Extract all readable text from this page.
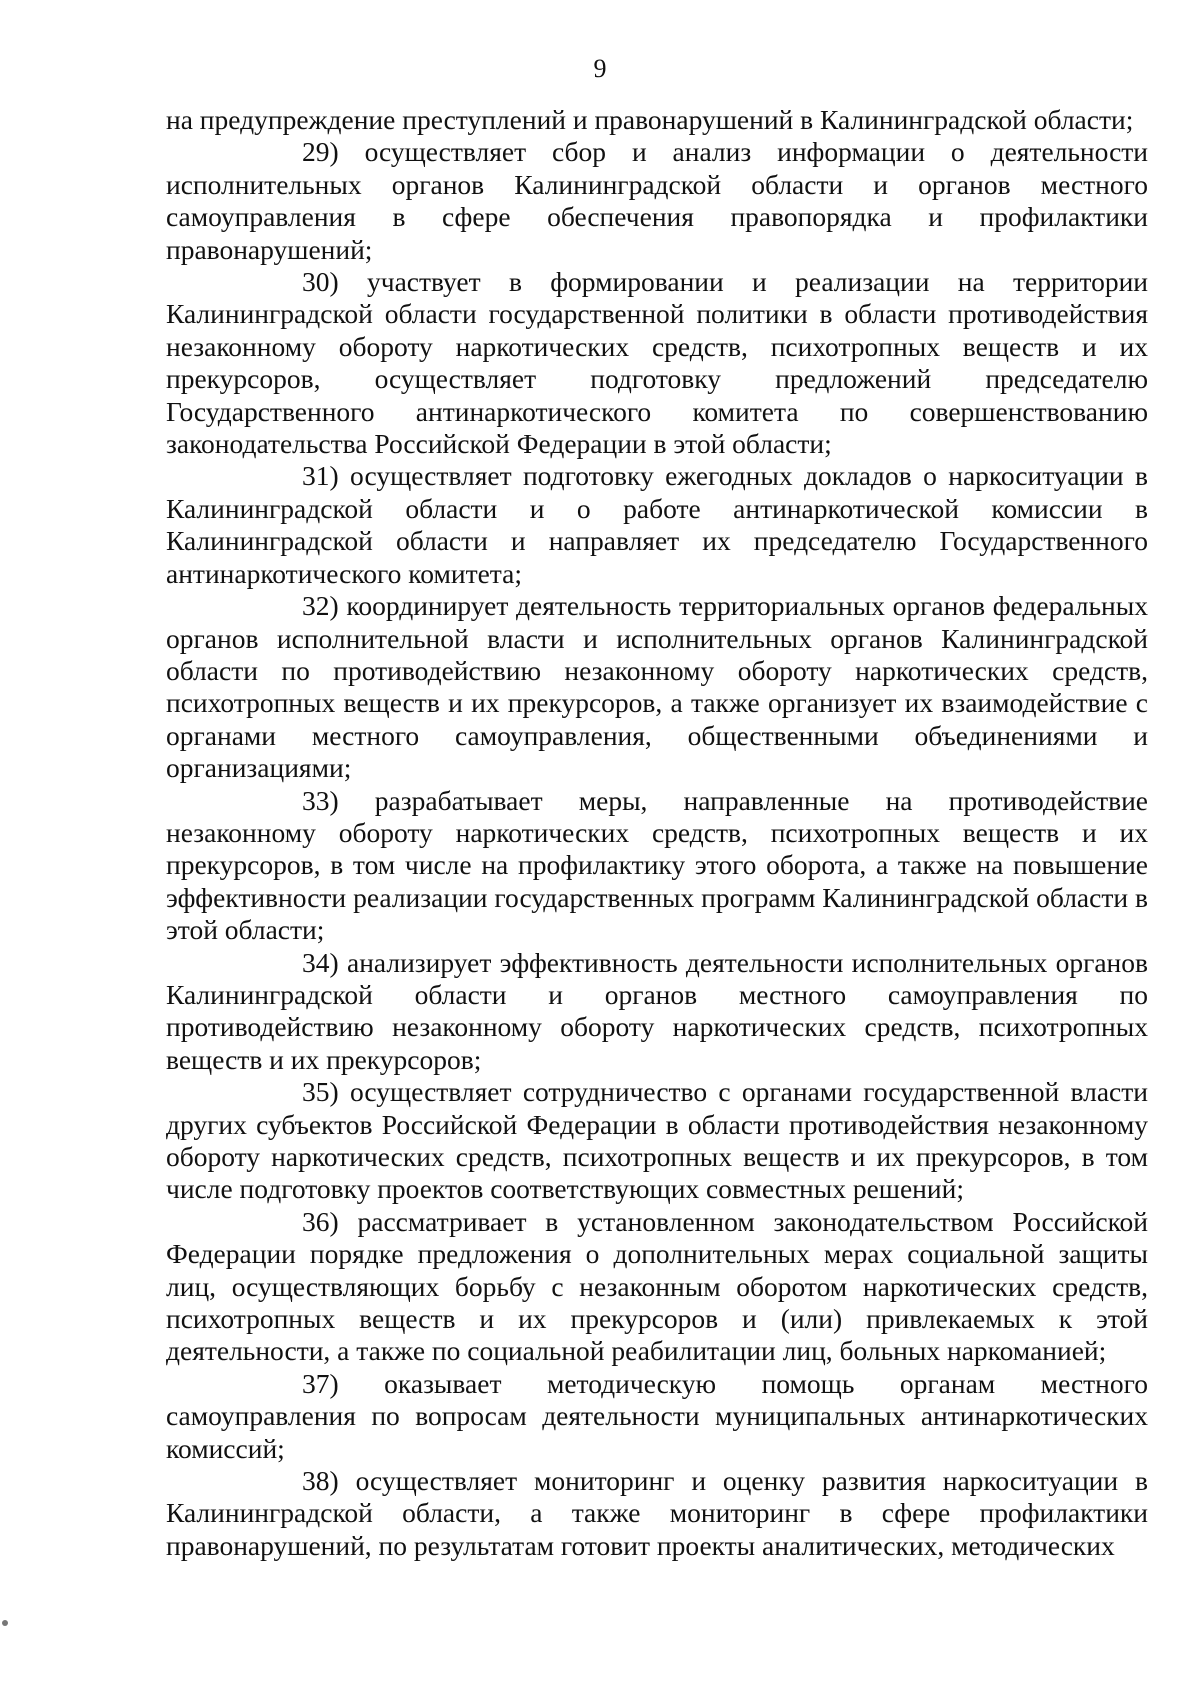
9

на предупреждение преступлений и правонарушений в Калининградской области;

29) осуществляет сбор и анализ информации о деятельности исполнительных органов Калининградской области и органов местного самоуправления в сфере обеспечения правопорядка и профилактики правонарушений;

30) участвует в формировании и реализации на территории Калининградской области государственной политики в области противодействия незаконному обороту наркотических средств, психотропных веществ и их прекурсоров, осуществляет подготовку предложений председателю Государственного антинаркотического комитета по совершенствованию законодательства Российской Федерации в этой области;

31) осуществляет подготовку ежегодных докладов о наркоситуации в Калининградской области и о работе антинаркотической комиссии в Калининградской области и направляет их председателю Государственного антинаркотического комитета;

32) координирует деятельность территориальных органов федеральных органов исполнительной власти и исполнительных органов Калининградской области по противодействию незаконному обороту наркотических средств, психотропных веществ и их прекурсоров, а также организует их взаимодействие с органами местного самоуправления, общественными объединениями и организациями;

33) разрабатывает меры, направленные на противодействие незаконному обороту наркотических средств, психотропных веществ и их прекурсоров, в том числе на профилактику этого оборота, а также на повышение эффективности реализации государственных программ Калининградской области в этой области;

34) анализирует эффективность деятельности исполнительных органов Калининградской области и органов местного самоуправления по противодействию незаконному обороту наркотических средств, психотропных веществ и их прекурсоров;

35) осуществляет сотрудничество с органами государственной власти других субъектов Российской Федерации в области противодействия незаконному обороту наркотических средств, психотропных веществ и их прекурсоров, в том числе подготовку проектов соответствующих совместных решений;

36) рассматривает в установленном законодательством Российской Федерации порядке предложения о дополнительных мерах социальной защиты лиц, осуществляющих борьбу с незаконным оборотом наркотических средств, психотропных веществ и их прекурсоров и (или) привлекаемых к этой деятельности, а также по социальной реабилитации лиц, больных наркоманией;

37) оказывает методическую помощь органам местного самоуправления по вопросам деятельности муниципальных антинаркотических комиссий;

38) осуществляет мониторинг и оценку развития наркоситуации в Калининградской области, а также мониторинг в сфере профилактики правонарушений, по результатам готовит проекты аналитических, методических
